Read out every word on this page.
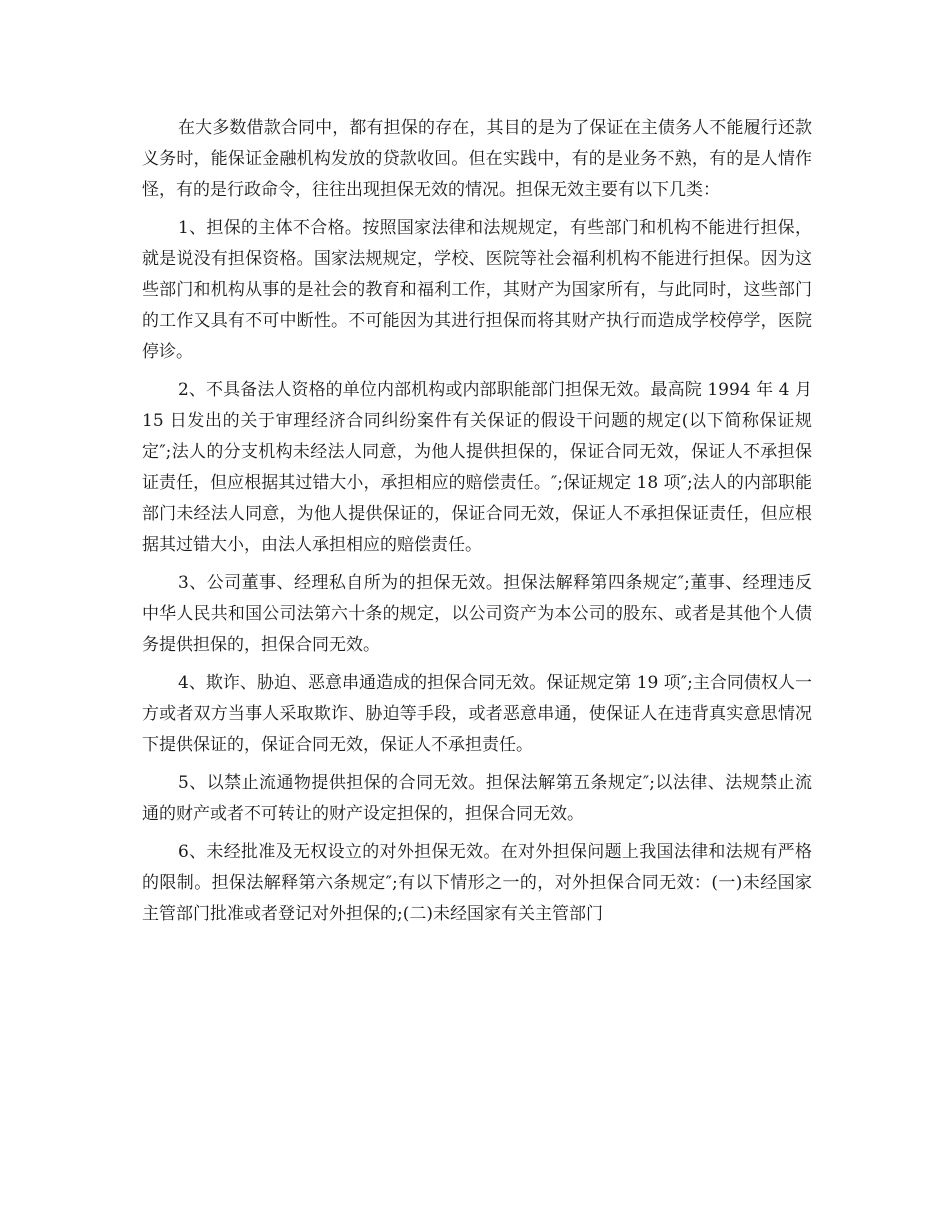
在大多数借款合同中，都有担保的存在，其目的是为了保证在主债务人不能履行还款义务时，能保证金融机构发放的贷款收回。但在实践中，有的是业务不熟，有的是人情作怪，有的是行政命令，往往出现担保无效的情况。担保无效主要有以下几类：

1、担保的主体不合格。按照国家法律和法规规定，有些部门和机构不能进行担保，就是说没有担保资格。国家法规规定，学校、医院等社会福利机构不能进行担保。因为这些部门和机构从事的是社会的教育和福利工作，其财产为国家所有，与此同时，这些部门的工作又具有不可中断性。不可能因为其进行担保而将其财产执行而造成学校停学，医院停诊。

2、不具备法人资格的单位内部机构或内部职能部门担保无效。最高院 1994 年 4 月 15 日发出的关于审理经济合同纠纷案件有关保证的假设干问题的规定(以下简称保证规定″;法人的分支机构未经法人同意，为他人提供担保的，保证合同无效，保证人不承担保证责任，但应根据其过错大小，承担相应的赔偿责任。″;保证规定 18 项″;法人的内部职能部门未经法人同意，为他人提供保证的，保证合同无效，保证人不承担保证责任，但应根据其过错大小，由法人承担相应的赔偿责任。

3、公司董事、经理私自所为的担保无效。担保法解释第四条规定″;董事、经理违反中华人民共和国公司法第六十条的规定，以公司资产为本公司的股东、或者是其他个人债务提供担保的，担保合同无效。

4、欺诈、胁迫、恶意串通造成的担保合同无效。保证规定第 19 项″;主合同债权人一方或者双方当事人采取欺诈、胁迫等手段，或者恶意串通，使保证人在违背真实意思情况下提供保证的，保证合同无效，保证人不承担责任。

5、以禁止流通物提供担保的合同无效。担保法解第五条规定″;以法律、法规禁止流通的财产或者不可转让的财产设定担保的，担保合同无效。

6、未经批准及无权设立的对外担保无效。在对外担保问题上我国法律和法规有严格的限制。担保法解释第六条规定″;有以下情形之一的，对外担保合同无效：(一)未经国家主管部门批准或者登记对外担保的;(二)未经国家有关主管部门
